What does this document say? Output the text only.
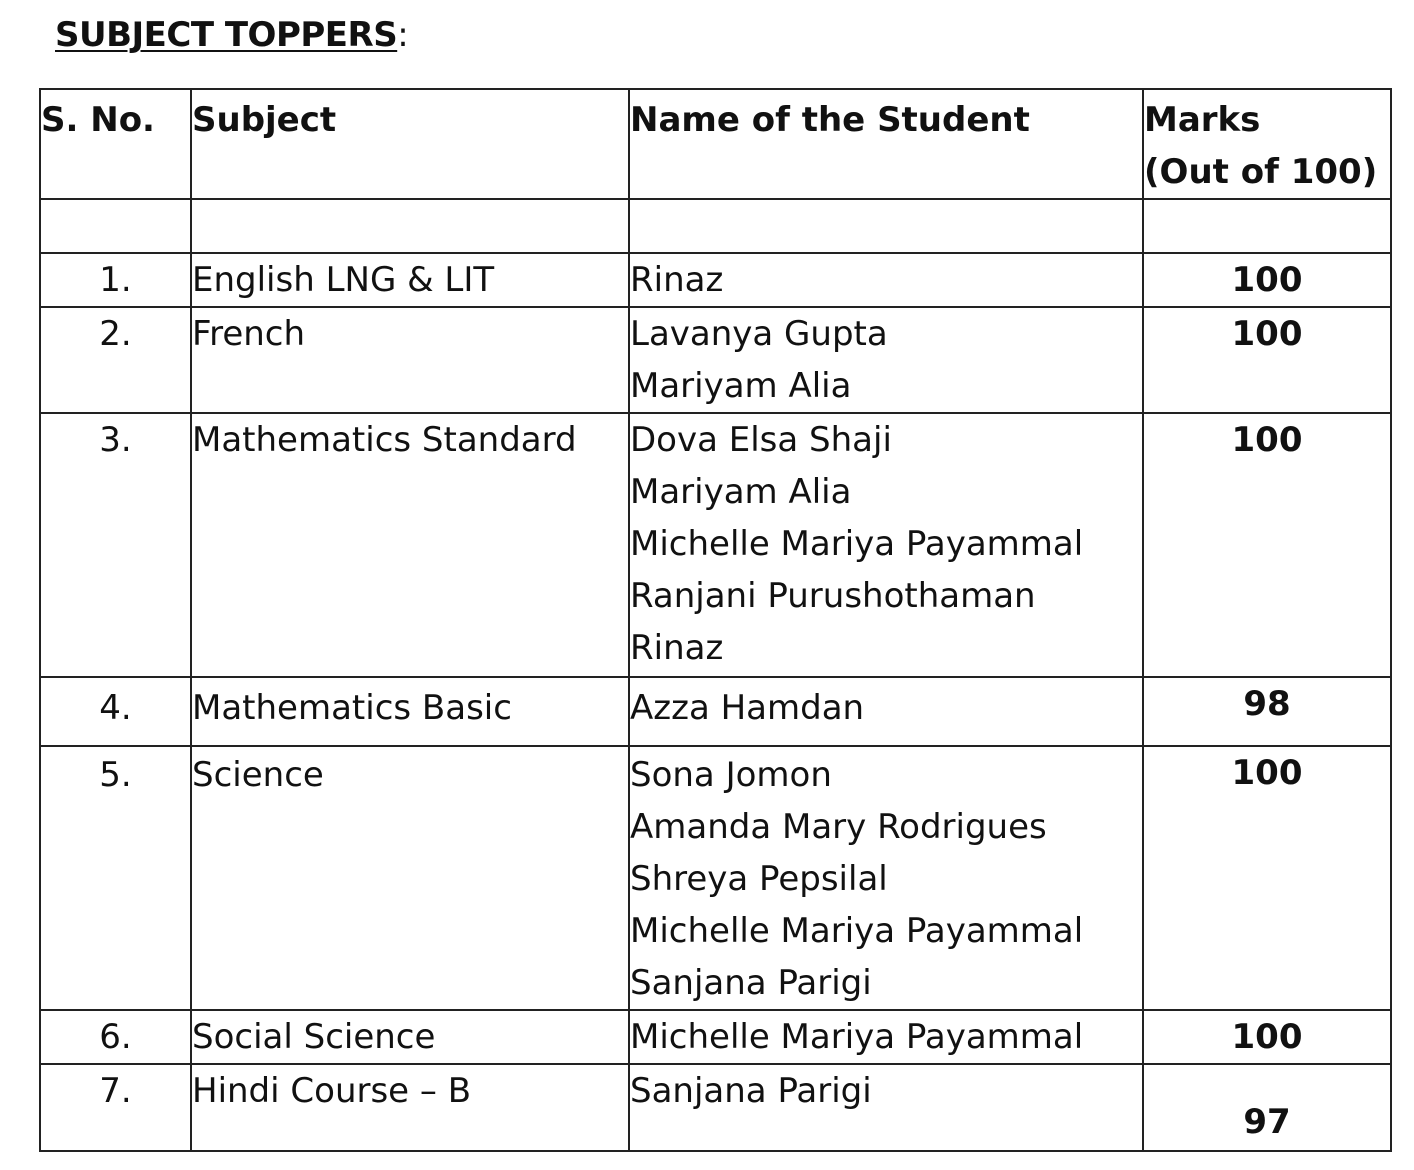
SUBJECT TOPPERS:
S. No.	Subject	Name of the Student	Marks
(Out of 100)

1.	English LNG & LIT	Rinaz	100
2.	French	Lavanya Gupta
Mariyam Alia	100
3.	Mathematics Standard	Dova Elsa Shaji
Mariyam Alia
Michelle Mariya Payammal
Ranjani Purushothaman
Rinaz	100
4.	Mathematics Basic	Azza Hamdan	98
5.	Science	Sona Jomon
Amanda Mary Rodrigues
Shreya Pepsilal
Michelle Mariya Payammal
Sanjana Parigi	100
6.	Social Science	Michelle Mariya Payammal	100
7.	Hindi Course – B	Sanjana Parigi	97
